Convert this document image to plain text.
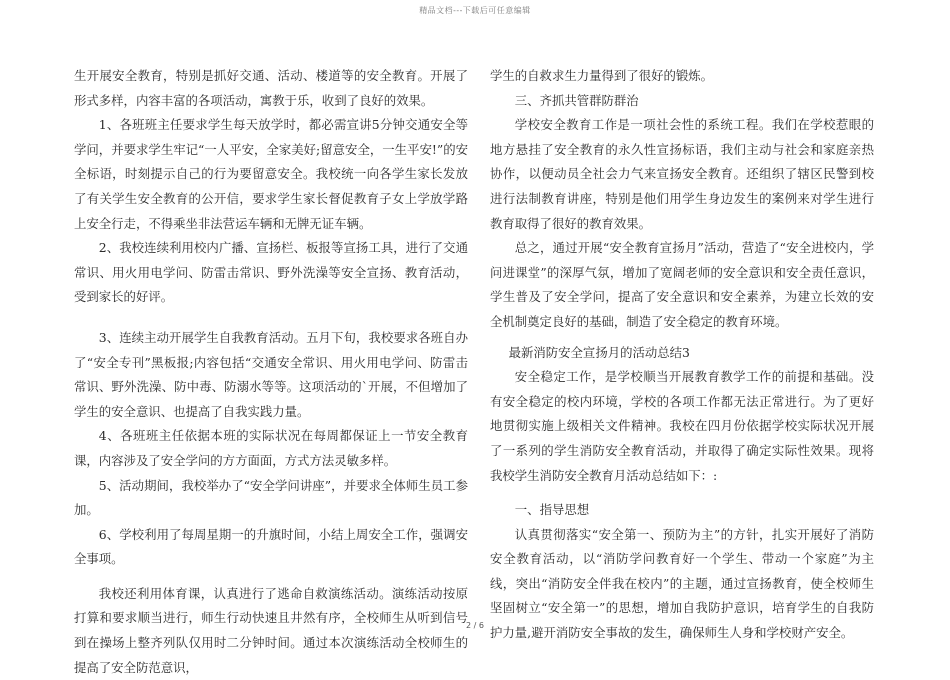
精品文档---下载后可任意编辑

生开展安全教育，特别是抓好交通、活动、楼道等的安全教育。开展了形式多样，内容丰富的各项活动，寓教于乐，收到了良好的效果。

1、各班班主任要求学生每天放学时，都必需宣讲5分钟交通安全等学问，并要求学生牢记“一人平安，全家美好;留意安全，一生平安!”的安全标语，时刻提示自己的行为要留意安全。我校统一向各学生家长发放了有关学生安全教育的公开信，要求学生家长督促教育子女上学放学路上安全行走，不得乘坐非法营运车辆和无牌无证车辆。

2、我校连续利用校内广播、宣扬栏、板报等宣扬工具，进行了交通常识、用火用电学问、防雷击常识、野外洗澡等安全宣扬、教育活动，受到家长的好评。

3、连续主动开展学生自我教育活动。五月下旬，我校要求各班自办了“安全专刊”黑板报;内容包括“交通安全常识、用火用电学问、防雷击常识、野外洗澡、防中毒、防溺水等等。这项活动的`开展，不但增加了学生的安全意识、也提高了自我实践力量。

4、各班班主任依据本班的实际状况在每周都保证上一节安全教育课，内容涉及了安全学问的方方面面，方式方法灵敏多样。

5、活动期间，我校举办了“安全学问讲座”，并要求全体师生员工参加。

6、学校利用了每周星期一的升旗时间，小结上周安全工作，强调安全事项。

我校还利用体育课，认真进行了逃命自救演练活动。演练活动按原打算和要求顺当进行，师生行动快速且井然有序，全校师生从听到信号到在操场上整齐列队仅用时二分钟时间。通过本次演练活动全校师生的提高了安全防范意识，

学生的自救求生力量得到了很好的锻炼。

三、齐抓共管群防群治

学校安全教育工作是一项社会性的系统工程。我们在学校惹眼的地方悬挂了安全教育的永久性宣扬标语，我们主动与社会和家庭亲热协作，以便动员全社会力气来宣扬安全教育。还组织了辖区民警到校进行法制教育讲座，特别是他们用学生身边发生的案例来对学生进行教育取得了很好的教育效果。

总之，通过开展“安全教育宣扬月”活动，营造了“安全进校内，学问进课堂”的深厚气氛，增加了宽阔老师的安全意识和安全责任意识，学生普及了安全学问，提高了安全意识和安全素养，为建立长效的安全机制奠定良好的基础，制造了安全稳定的教育环境。

最新消防安全宣扬月的活动总结3

安全稳定工作，是学校顺当开展教育教学工作的前提和基础。没有安全稳定的校内环境，学校的各项工作都无法正常进行。为了更好地贯彻实施上级相关文件精神。我校在四月份依据学校实际状况开展了一系列的学生消防安全教育活动，并取得了确定实际性效果。现将我校学生消防安全教育月活动总结如下：:

一、指导思想

认真贯彻落实“安全第一、预防为主”的方针，扎实开展好了消防安全教育活动，以“消防学问教育好一个学生、带动一个家庭”为主线，突出“消防安全伴我在校内”的主题，通过宣扬教育，使全校师生坚固树立“安全第一”的思想，增加自我防护意识，培育学生的自我防护力量,避开消防安全事故的发生，确保师生人身和学校财产安全。

2 / 6
